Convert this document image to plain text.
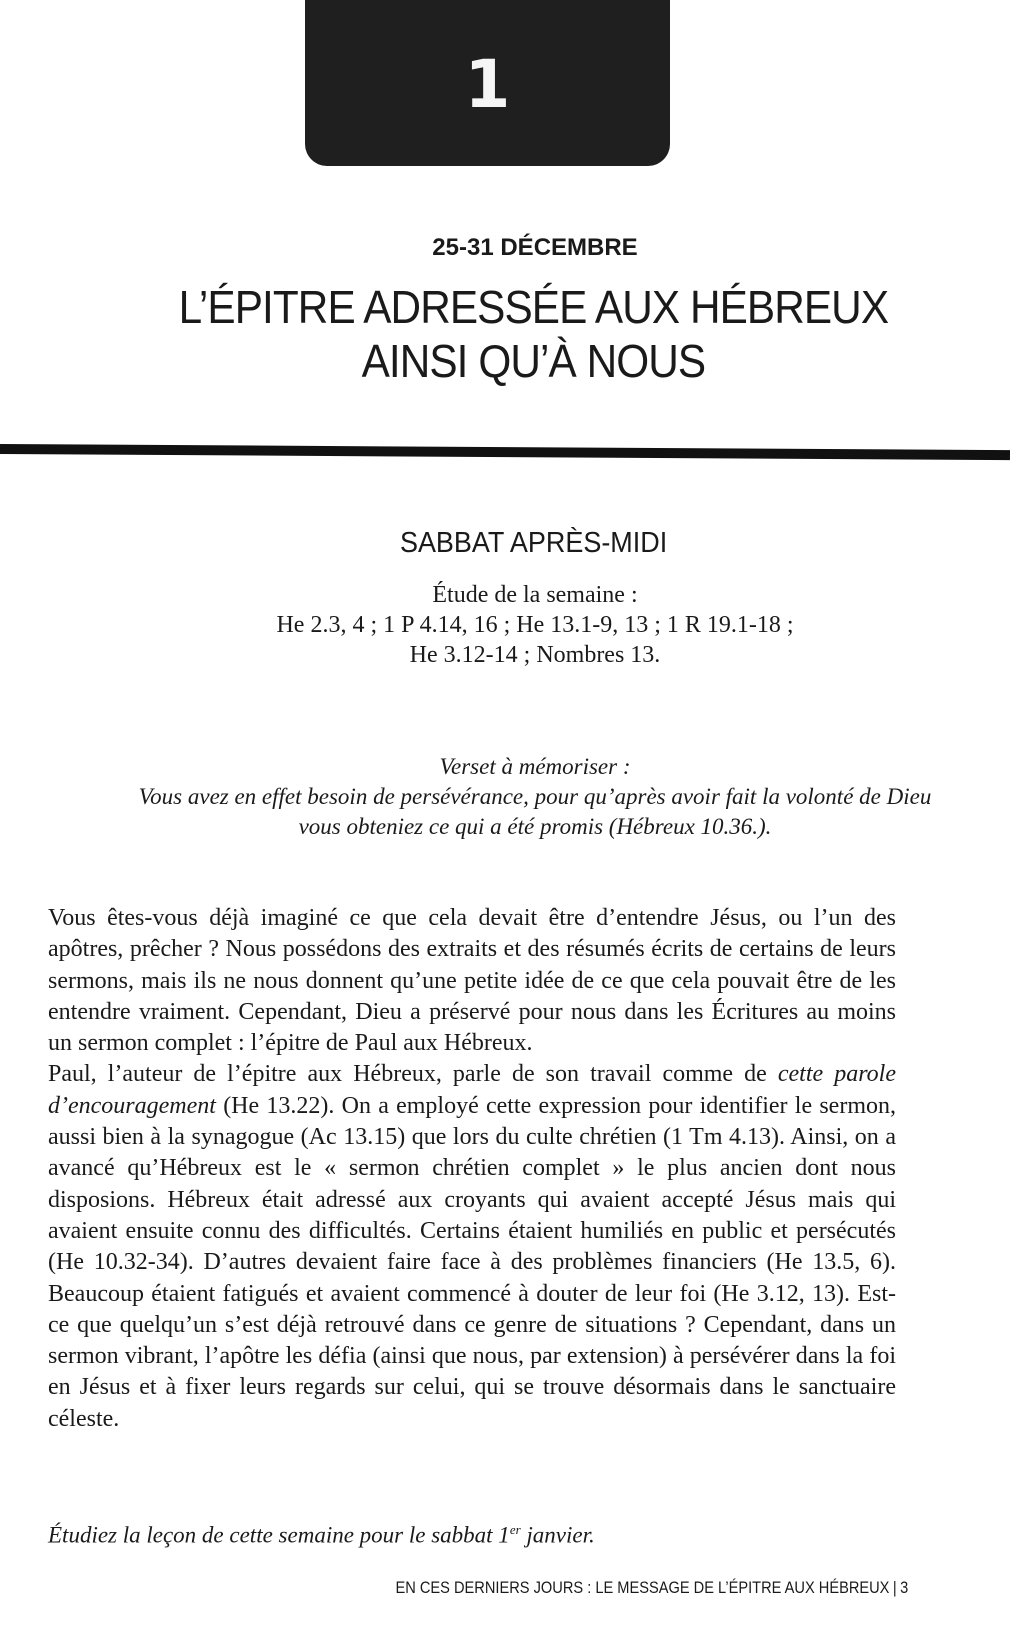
1
25-31 DÉCEMBRE
L’ÉPITRE ADRESSÉE AUX HÉBREUX
AINSI QU’À NOUS
SABBAT APRÈS-MIDI
Étude de la semaine :
He 2.3, 4 ; 1 P 4.14, 16 ; He 13.1-9, 13 ; 1 R 19.1-18 ;
He 3.12-14 ; Nombres 13.
Verset à mémoriser :
Vous avez en effet besoin de persévérance, pour qu’après avoir fait la volonté de Dieu
vous obteniez ce qui a été promis (Hébreux 10.36.).

Vous êtes-vous déjà imaginé ce que cela devait être d’entendre Jésus, ou l’un des apôtres, prêcher ? Nous possédons des extraits et des résumés écrits de certains de leurs sermons, mais ils ne nous donnent qu’une petite idée de ce que cela pouvait être de les entendre vraiment. Cependant, Dieu a préservé pour nous dans les Écritures au moins un sermon complet : l’épitre de Paul aux Hébreux.

Paul, l’auteur de l’épitre aux Hébreux, parle de son travail comme de cette parole d’encouragement (He 13.22). On a employé cette expression pour identifier le sermon, aussi bien à la synagogue (Ac 13.15) que lors du culte chrétien (1 Tm 4.13). Ainsi, on a avancé qu’Hébreux est le « sermon chrétien complet » le plus ancien dont nous disposions. Hébreux était adressé aux croyants qui avaient accepté Jésus mais qui avaient ensuite connu des difficultés. Certains étaient humiliés en public et persécutés (He 10.32-34). D’autres devaient faire face à des problèmes financiers (He 13.5, 6). Beaucoup étaient fatigués et avaient commencé à douter de leur foi (He 3.12, 13). Est-ce que quelqu’un s’est déjà retrouvé dans ce genre de situations ? Cependant, dans un sermon vibrant, l’apôtre les défia (ainsi que nous, par extension) à persévérer dans la foi en Jésus et à fixer leurs regards sur celui, qui se trouve désormais dans le sanctuaire céleste.

Étudiez la leçon de cette semaine pour le sabbat 1er janvier.
EN CES DERNIERS JOURS : LE MESSAGE DE L’ÉPITRE AUX HÉBREUX | 3
